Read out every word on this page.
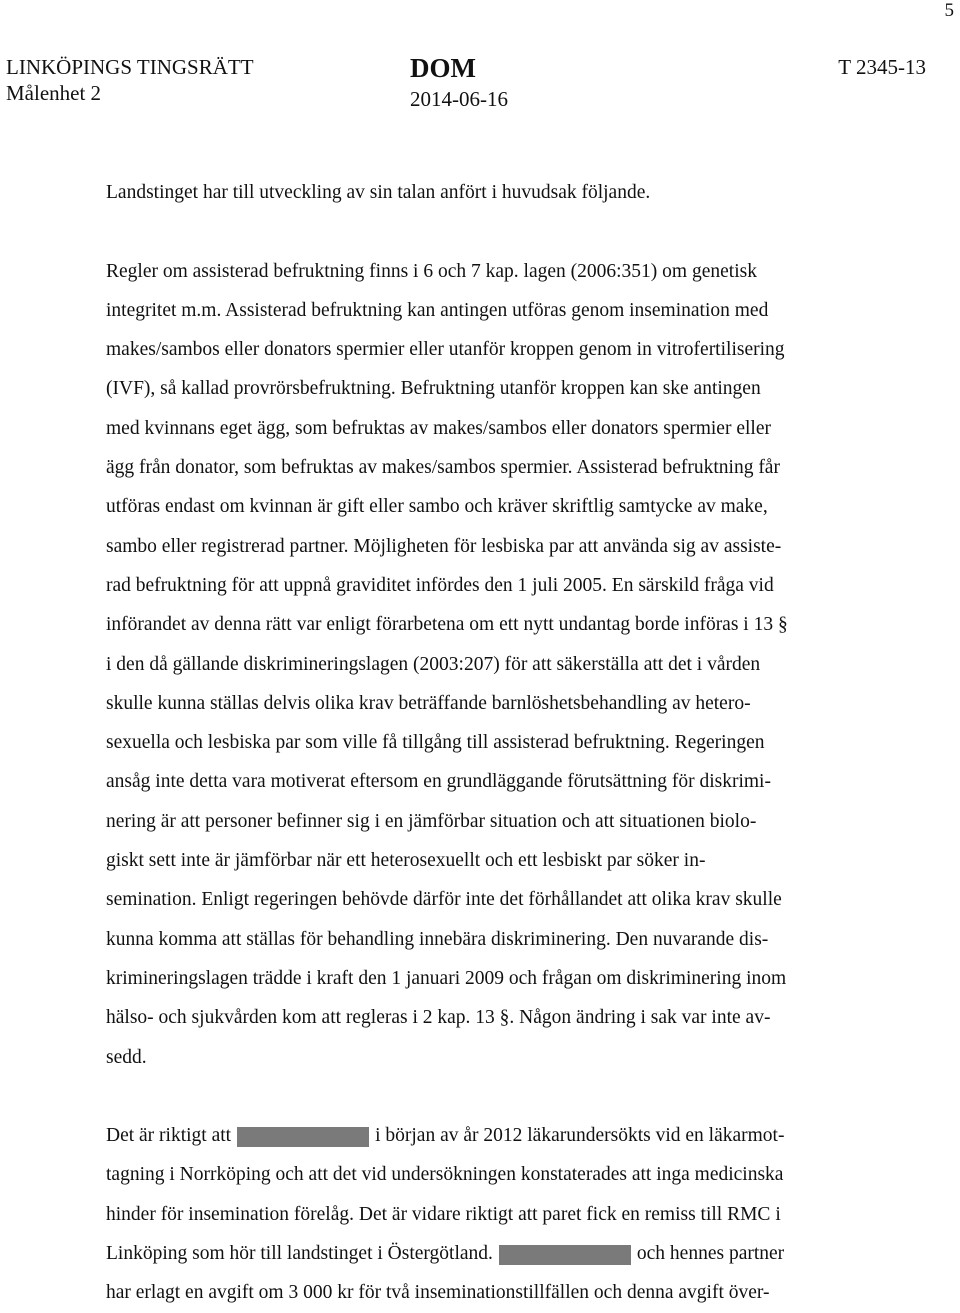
5
LINKÖPINGS TINGSRÄTT
Målenhet 2
DOM
2014-06-16
T 2345-13
Landstinget har till utveckling av sin talan anfört i huvudsak följande.
Regler om assisterad befruktning finns i 6 och 7 kap. lagen (2006:351) om genetisk
integritet m.m. Assisterad befruktning kan antingen utföras genom insemination med
makes/sambos eller donators spermier eller utanför kroppen genom in vitrofertilisering
(IVF), så kallad provrörsbefruktning. Befruktning utanför kroppen kan ske antingen
med kvinnans eget ägg, som befruktas av makes/sambos eller donators spermier eller
ägg från donator, som befruktas av makes/sambos spermier. Assisterad befruktning får
utföras endast om kvinnan är gift eller sambo och kräver skriftlig samtycke av make,
sambo eller registrerad partner. Möjligheten för lesbiska par att använda sig av assiste-
rad befruktning för att uppnå graviditet infördes den 1 juli 2005. En särskild fråga vid
införandet av denna rätt var enligt förarbetena om ett nytt undantag borde införas i 13 §
i den då gällande diskrimineringslagen (2003:207) för att säkerställa att det i vården
skulle kunna ställas delvis olika krav beträffande barnlöshetsbehandling av hetero-
sexuella och lesbiska par som ville få tillgång till assisterad befruktning. Regeringen
ansåg inte detta vara motiverat eftersom en grundläggande förutsättning för diskrimi-
nering är att personer befinner sig i en jämförbar situation och att situationen biolo-
giskt sett inte är jämförbar när ett heterosexuellt och ett lesbiskt par söker in-
semination. Enligt regeringen behövde därför inte det förhållandet att olika krav skulle
kunna komma att ställas för behandling innebära diskriminering. Den nuvarande dis-
krimineringslagen trädde i kraft den 1 januari 2009 och frågan om diskriminering inom
hälso- och sjukvården kom att regleras i 2 kap. 13 §. Någon ändring i sak var inte av-
sedd.
Det är riktigt att	i början av år 2012 läkarundersökts vid en läkarmot-
tagning i Norrköping och att det vid undersökningen konstaterades att inga medicinska
hinder för insemination förelåg. Det är vidare riktigt att paret fick en remiss till RMC i
Linköping som hör till landstinget i Östergötland.	och hennes partner
har erlagt en avgift om 3 000 kr för två inseminationstillfällen och denna avgift över-
